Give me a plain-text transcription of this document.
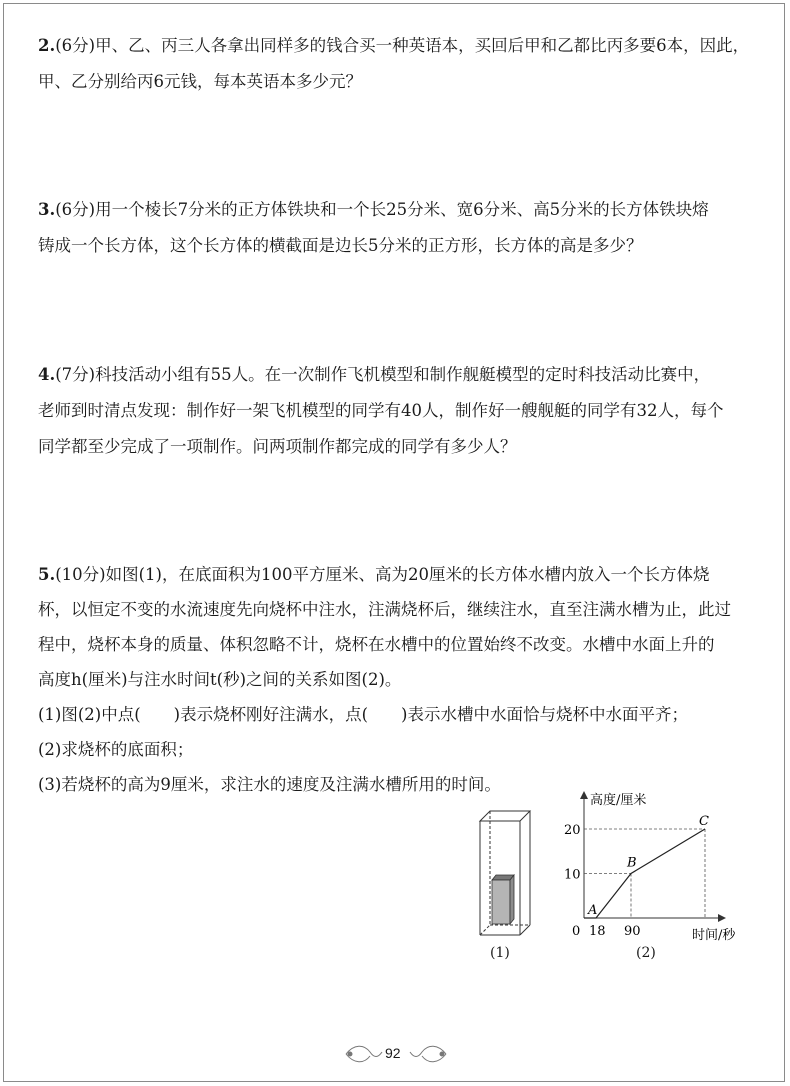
2.(6分)甲、乙、丙三人各拿出同样多的钱合买一种英语本，买回后甲和乙都比丙多要6本，因此，

甲、乙分别给丙6元钱，每本英语本多少元？

3.(6分)用一个棱长7分米的正方体铁块和一个长25分米、宽6分米、高5分米的长方体铁块熔

铸成一个长方体，这个长方体的横截面是边长5分米的正方形，长方体的高是多少？

4.(7分)科技活动小组有55人。在一次制作飞机模型和制作舰艇模型的定时科技活动比赛中，

老师到时清点发现：制作好一架飞机模型的同学有40人，制作好一艘舰艇的同学有32人，每个

同学都至少完成了一项制作。问两项制作都完成的同学有多少人？

5.(10分)如图(1)，在底面积为100平方厘米、高为20厘米的长方体水槽内放入一个长方体烧

杯，以恒定不变的水流速度先向烧杯中注水，注满烧杯后，继续注水，直至注满水槽为止，此过

程中，烧杯本身的质量、体积忽略不计，烧杯在水槽中的位置始终不改变。水槽中水面上升的

高度h(厘米)与注水时间t(秒)之间的关系如图(2)。

(1)图(2)中点(　　)表示烧杯刚好注满水，点(　　)表示水槽中水面恰与烧杯中水面平齐；

(2)求烧杯的底面积；

(3)若烧杯的高为9厘米，求注水的速度及注满水槽所用的时间。

(1)
10
20
18 90
A
B
C
高度/厘米
时间/秒
0
(2)
92
